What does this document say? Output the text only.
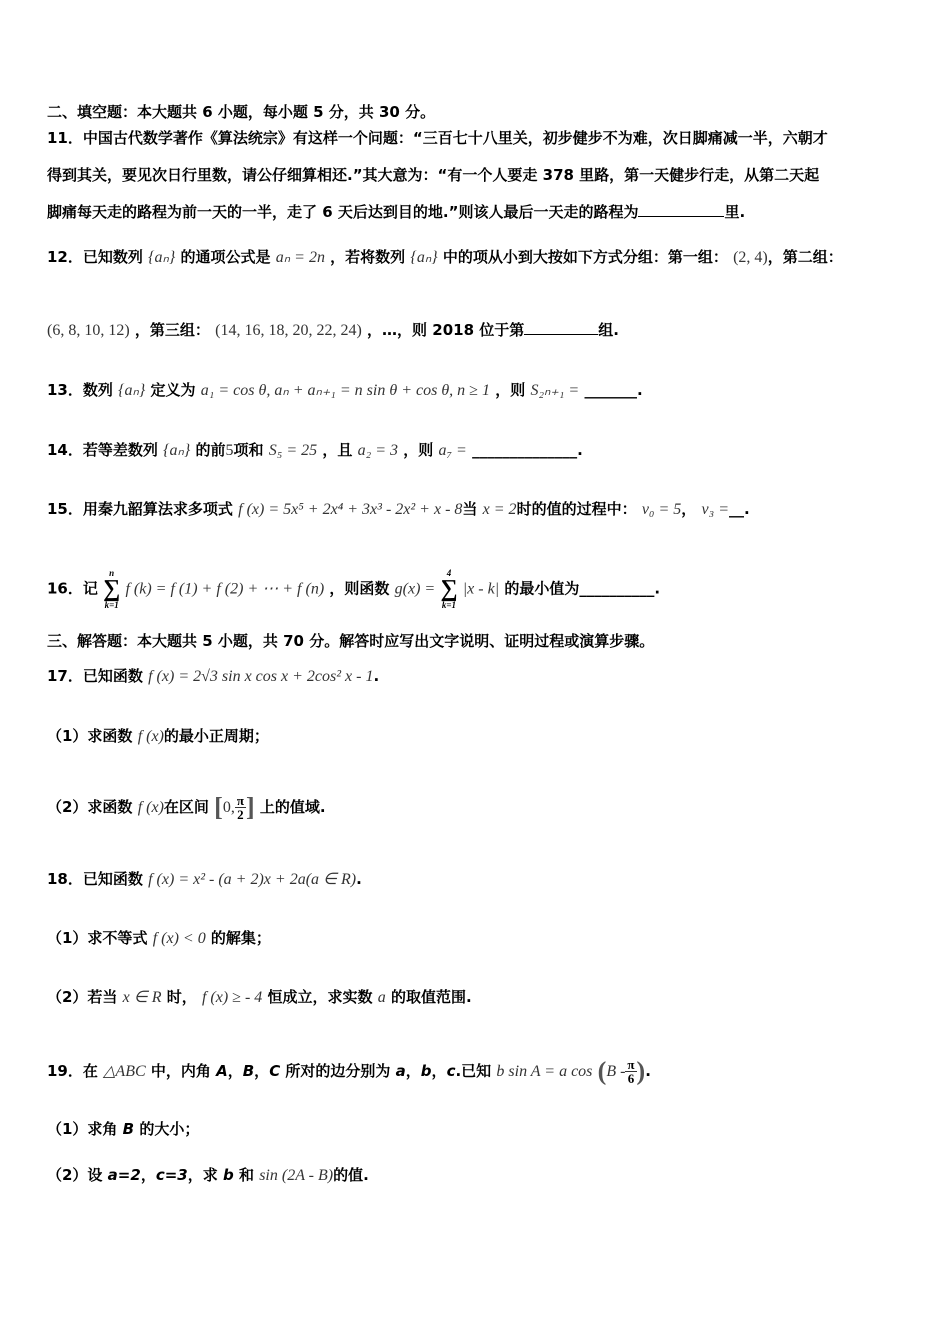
二、填空题：本大题共 6 小题，每小题 5 分，共 30 分。
11．中国古代数学著作《算法统宗》有这样一个问题：“三百七十八里关，初步健步不为难，次日脚痛减一半，六朝才
得到其关，要见次日行里数，请公仔细算相还.”其大意为：“有一个人要走 378 里路，第一天健步行走，从第二天起
脚痛每天走的路程为前一天的一半，走了 6 天后达到目的地.”则该人最后一天走的路程为	里.
12．已知数列 {aₙ} 的通项公式是 aₙ = 2n ，若将数列 {aₙ} 中的项从小到大按如下方式分组：第一组： (2, 4)，第二组：
(6, 8, 10, 12) ，第三组： (14, 16, 18, 20, 22, 24) ，…，则 2018 位于第	组.
13．数列 {aₙ} 定义为 a₁ = cos θ, aₙ + aₙ₊₁ = n sin θ + cos θ, n ≥ 1 ，则 S₂ₙ₊₁ = _______.
14．若等差数列 {aₙ} 的前5项和 S₅ = 25 ，且 a₂ = 3 ，则 a₇ = ______________.
15．用秦九韶算法求多项式 f (x) = 5x⁵ + 2x⁴ + 3x³ - 2x² + x - 8当 x = 2时的值的过程中： v₀ = 5， v₃ =__.
16．记
n
∑
k=1
f (k) = f (1) + f (2) + ⋯ + f (n) ，则函数 g(x) =
4
∑
k=1
|x - k| 的最小值为__________.
三、解答题：本大题共 5 小题，共 70 分。解答时应写出文字说明、证明过程或演算步骤。
17．已知函数 f (x) = 2√3 sin x cos x + 2cos² x - 1.
（1）求函数 f (x)的最小正周期；
（2）求函数 f (x)在区间 [0, $\frac{\pi}{2}$ ] 上的值域.
18．已知函数 f (x) = x² - (a + 2)x + 2a(a ∈ R).
（1）求不等式 f (x) < 0 的解集；
（2）若当 x ∈ R 时， f (x) ≥ - 4 恒成立，求实数 a 的取值范围.
19．在 △ABC 中，内角 A，B，C 所对的边分别为 a，b，c.已知 b sin A = a $\cos (B - \frac{\pi}{6}$ ).
（1）求角 B 的大小；
（2）设 a=2，c=3，求 b 和 sin (2A - B)的值.
